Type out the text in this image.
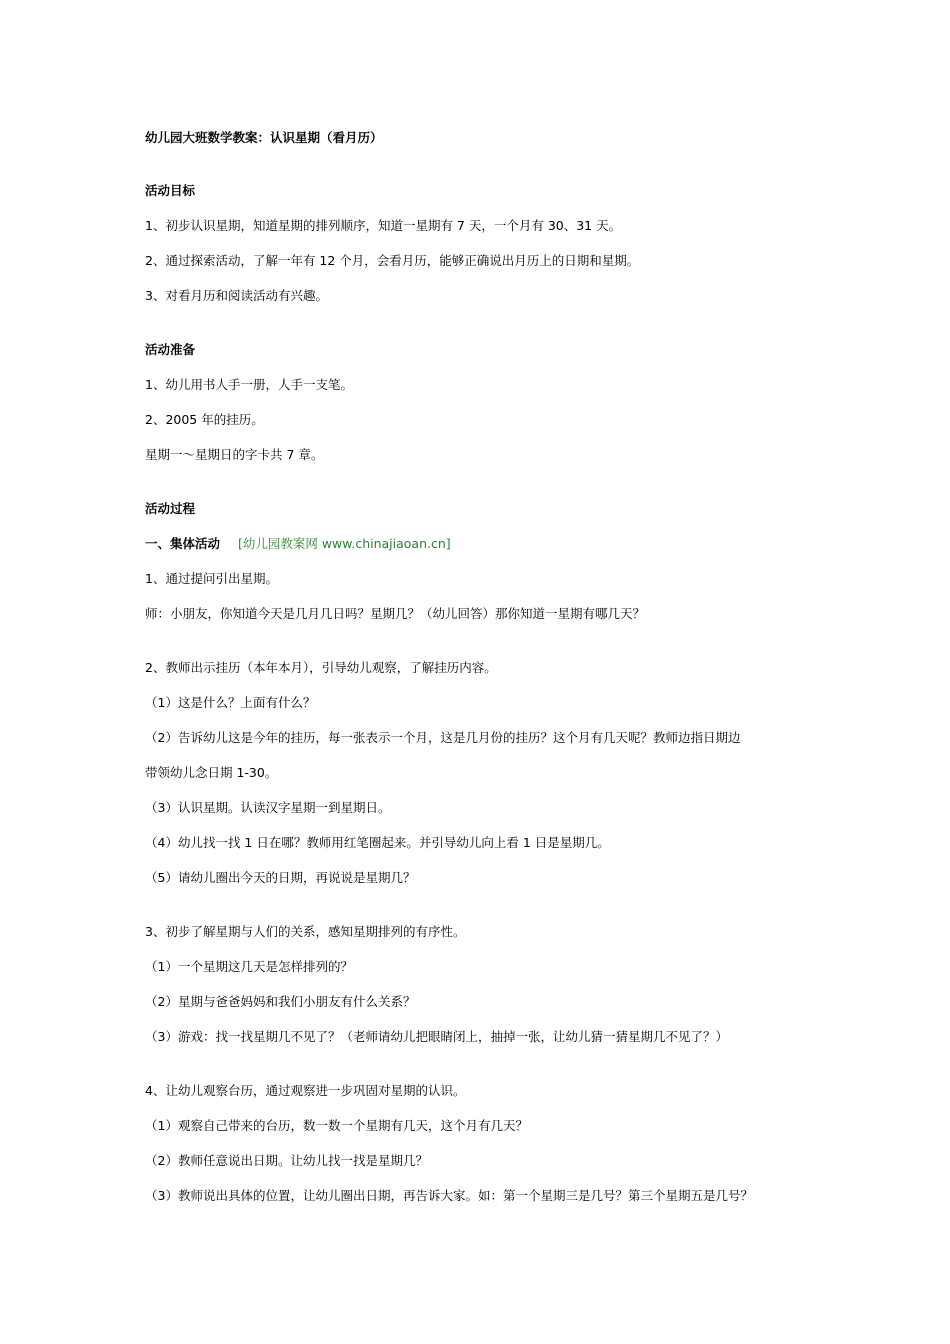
幼儿园大班数学教案：认识星期（看月历）
活动目标
1、初步认识星期，知道星期的排列顺序，知道一星期有 7 天，一个月有 30、31 天。
2、通过探索活动，了解一年有 12 个月，会看月历，能够正确说出月历上的日期和星期。
3、对看月历和阅读活动有兴趣。
活动准备
1、幼儿用书人手一册，人手一支笔。
2、2005 年的挂历。
星期一～星期日的字卡共 7 章。
活动过程
一、集体活动 [幼儿园教案网 www.chinajiaoan.cn]
1、通过提问引出星期。
师：小朋友，你知道今天是几月几日吗？星期几？（幼儿回答）那你知道一星期有哪几天？
2、教师出示挂历（本年本月），引导幼儿观察，了解挂历内容。
（1）这是什么？上面有什么？
（2）告诉幼儿这是今年的挂历，每一张表示一个月，这是几月份的挂历？这个月有几天呢？教师边指日期边
带领幼儿念日期 1-30。
（3）认识星期。认读汉字星期一到星期日。
（4）幼儿找一找 1 日在哪？教师用红笔圈起来。并引导幼儿向上看 1 日是星期几。
（5）请幼儿圈出今天的日期，再说说是星期几？
3、初步了解星期与人们的关系，感知星期排列的有序性。
（1）一个星期这几天是怎样排列的？
（2）星期与爸爸妈妈和我们小朋友有什么关系？
（3）游戏：找一找星期几不见了？（老师请幼儿把眼睛闭上，抽掉一张，让幼儿猜一猜星期几不见了？）
4、让幼儿观察台历，通过观察进一步巩固对星期的认识。
（1）观察自己带来的台历，数一数一个星期有几天，这个月有几天？
（2）教师任意说出日期。让幼儿找一找是星期几？
（3）教师说出具体的位置，让幼儿圈出日期，再告诉大家。如：第一个星期三是几号？第三个星期五是几号？
